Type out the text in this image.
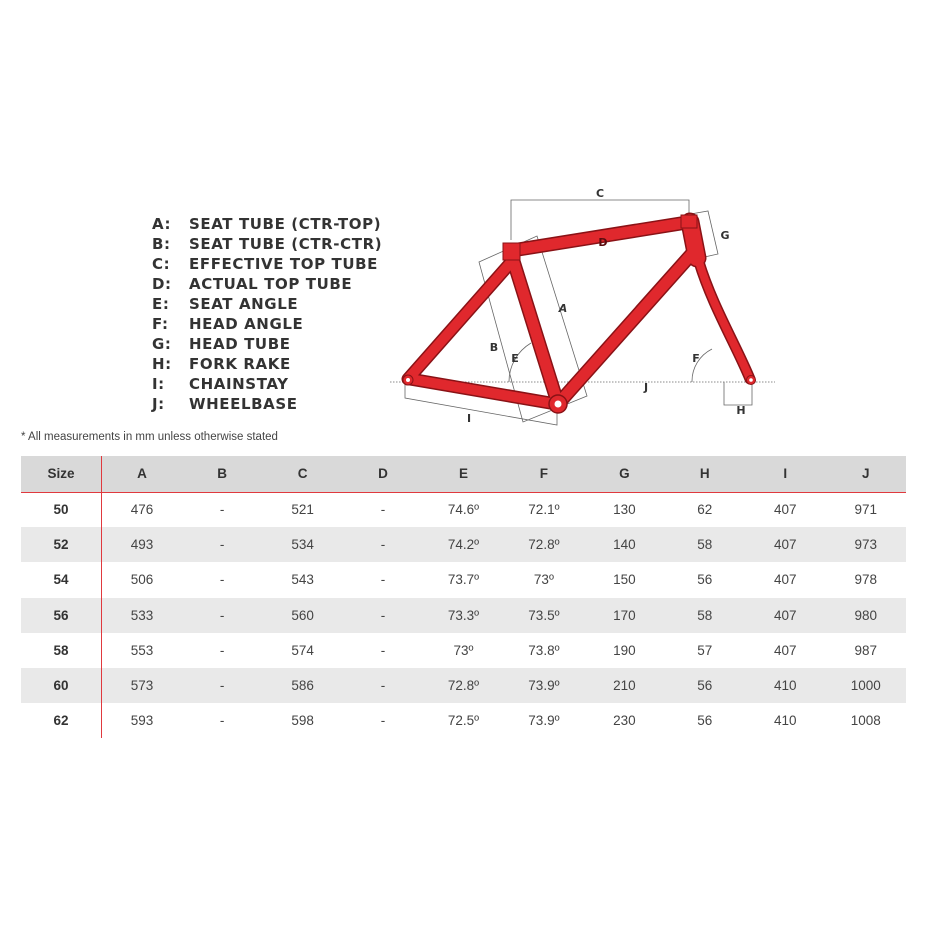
A:	SEAT TUBE (CTR-TOP)
B:	SEAT TUBE (CTR-CTR)
C:	EFFECTIVE TOP TUBE
D:	ACTUAL TOP TUBE
E:	SEAT ANGLE
F:	HEAD ANGLE
G:	HEAD TUBE
H:	FORK RAKE
I:	CHAINSTAY
J:	WHEELBASE
C
D
G
A
B
E	F
J
H
I
* All measurements in mm unless otherwise stated
Size	A	B	C	D	E	F	G	H	I	J
50	476	-	521	-	74.6º	72.1º	130	62	407	971
52	493	-	534	-	74.2º	72.8º	140	58	407	973
54	506	-	543	-	73.7º	73º	150	56	407	978
56	533	-	560	-	73.3º	73.5º	170	58	407	980
58	553	-	574	-	73º	73.8º	190	57	407	987
60	573	-	586	-	72.8º	73.9º	210	56	410	1000
62	593	-	598	-	72.5º	73.9º	230	56	410	1008
